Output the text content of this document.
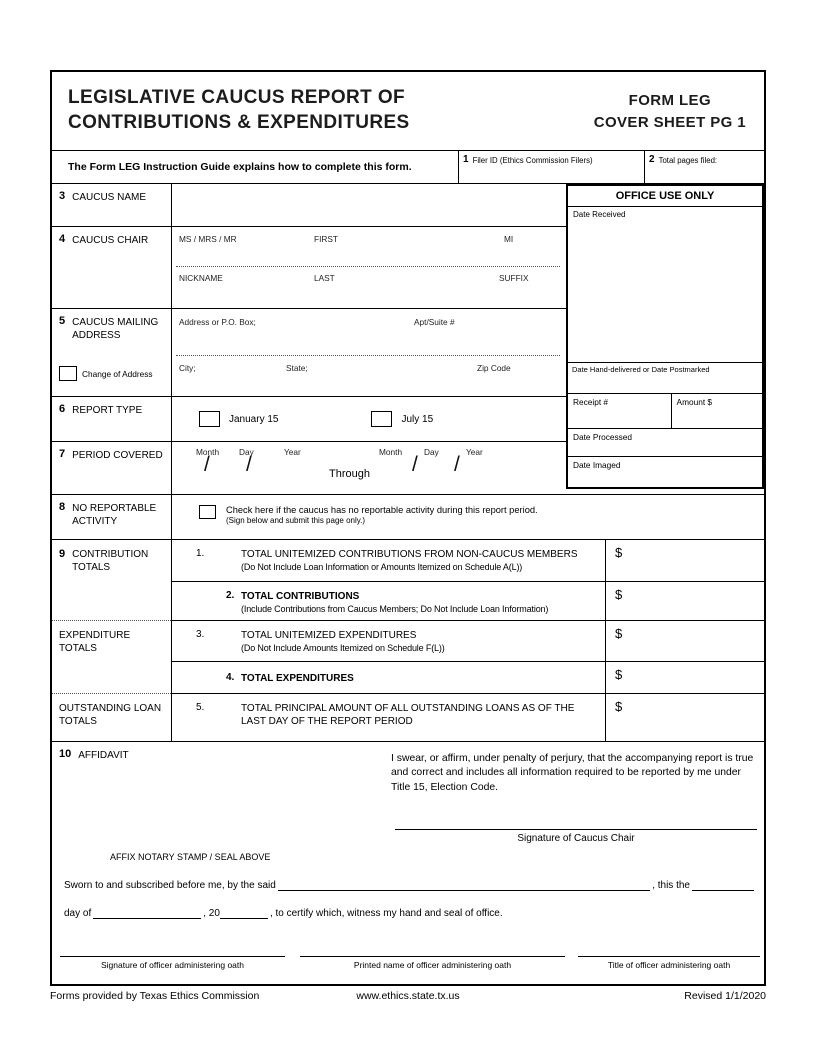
LEGISLATIVE CAUCUS REPORT OF
CONTRIBUTIONS & EXPENDITURES
FORM LEG
COVER SHEET PG 1
The Form LEG Instruction Guide explains how to complete this form.
1 Filer ID (Ethics Commission Filers)	2 Total pages filed:
3 CAUCUS NAME
4 CAUCUS CHAIR	MS / MRS / MR	FIRST	MI
NICKNAME	LAST	SUFFIX
5 CAUCUS MAILING ADDRESS
Change of Address
Address or P.O. Box;	Apt/Suite #
City;	State;	Zip Code
6 REPORT TYPE
January 15	July 15
7 PERIOD COVERED	Month Day	Year	Month	Day	Year
/ /	Through / /
OFFICE USE ONLY
Date Received
Date Hand-delivered or Date Postmarked
Receipt #	Amount $
Date Processed
Date Imaged
8 NO REPORTABLE ACTIVITY
Check here if the caucus has no reportable activity during this report period.
(Sign below and submit this page only.)
9 CONTRIBUTION TOTALS
EXPENDITURE TOTALS
OUTSTANDING LOAN TOTALS
1.	TOTAL UNITEMIZED CONTRIBUTIONS FROM NON-CAUCUS MEMBERS
(Do Not Include Loan Information or Amounts Itemized on Schedule A(L))
$
2. TOTAL CONTRIBUTIONS
(Include Contributions from Caucus Members; Do Not Include Loan Information)
$
3.	TOTAL UNITEMIZED EXPENDITURES
(Do Not Include Amounts Itemized on Schedule F(L))
$
4. TOTAL EXPENDITURES	$
5.	TOTAL PRINCIPAL AMOUNT OF ALL OUTSTANDING LOANS AS OF THE LAST DAY OF THE REPORT PERIOD
$
10 AFFIDAVIT	I swear, or affirm, under penalty of perjury, that the accompanying report is true and correct and includes all information required to be reported by me under Title 15, Election Code.
Signature of Caucus Chair
AFFIX NOTARY STAMP / SEAL ABOVE
Sworn to and subscribed before me, by the said	, this the
day of	, 20	, to certify which, witness my hand and seal of office.
Signature of officer administering oath	Printed name of officer administering oath	Title of officer administering oath
Forms provided by Texas Ethics Commission	www.ethics.state.tx.us	Revised 1/1/2020
